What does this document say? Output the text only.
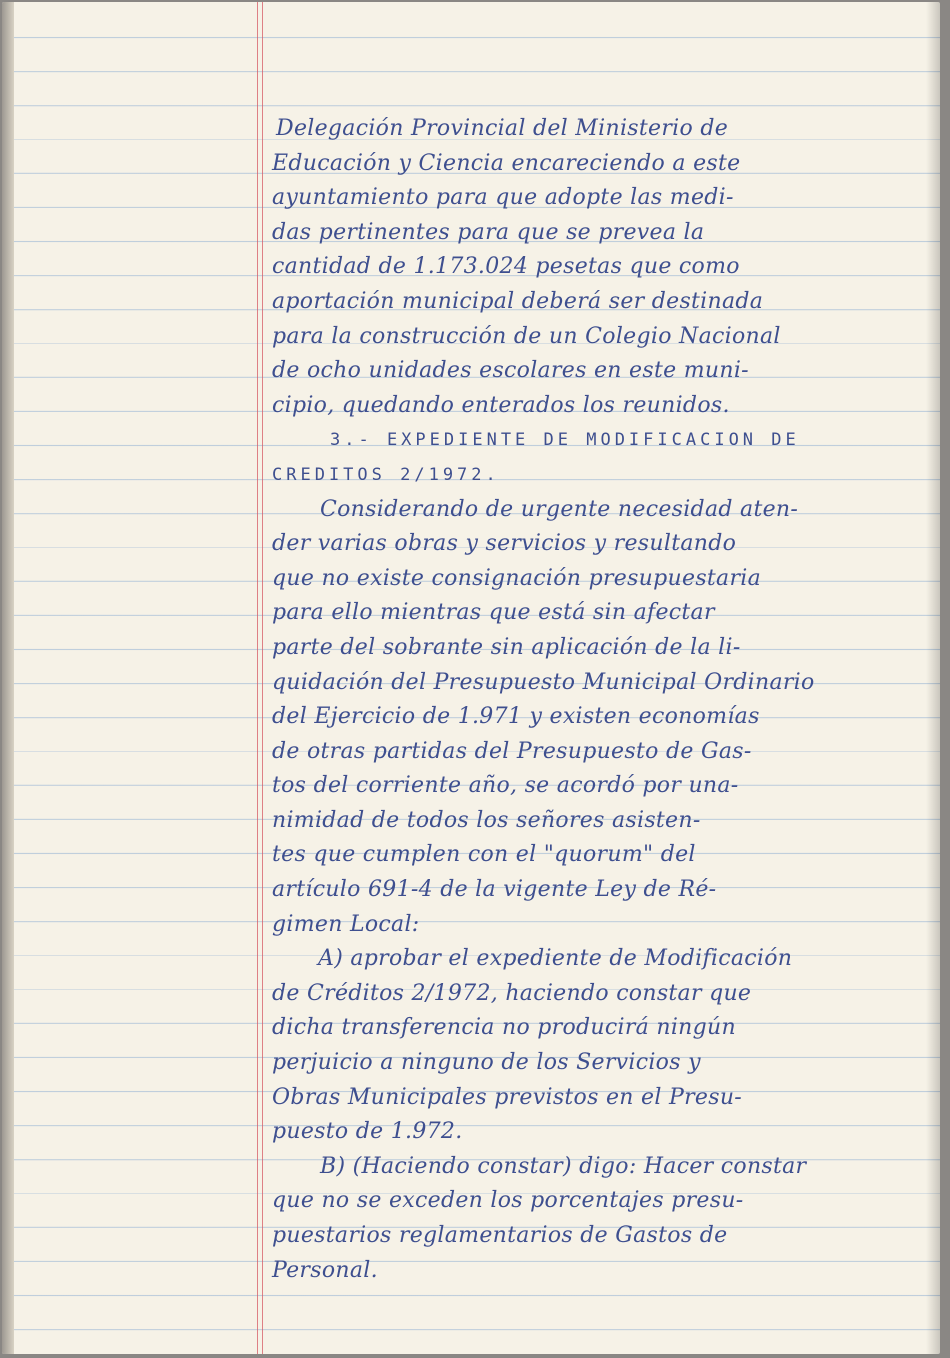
Delegación Provincial del Ministerio de
Educación y Ciencia encareciendo a este
ayuntamiento para que adopte las medi-
das pertinentes para que se prevea la
cantidad de 1.173.024 pesetas que como
aportación municipal deberá ser destinada
para la construcción de un Colegio Nacional
de ocho unidades escolares en este muni-
cipio, quedando enterados los reunidos.
3.- EXPEDIENTE DE MODIFICACION DE
CREDITOS 2/1972.
Considerando de urgente necesidad aten-
der varias obras y servicios y resultando
que no existe consignación presupuestaria
para ello mientras que está sin afectar
parte del sobrante sin aplicación de la li-
quidación del Presupuesto Municipal Ordinario
del Ejercicio de 1.971 y existen economías
de otras partidas del Presupuesto de Gas-
tos del corriente año, se acordó por una-
nimidad de todos los señores asisten-
tes que cumplen con el "quorum" del
artículo 691-4 de la vigente Ley de Ré-
gimen Local:
A) aprobar el expediente de Modificación
de Créditos 2/1972, haciendo constar que
dicha transferencia no producirá ningún
perjuicio a ninguno de los Servicios y
Obras Municipales previstos en el Presu-
puesto de 1.972.
B) (Haciendo constar) digo: Hacer constar
que no se exceden los porcentajes presu-
puestarios reglamentarios de Gastos de
Personal.
